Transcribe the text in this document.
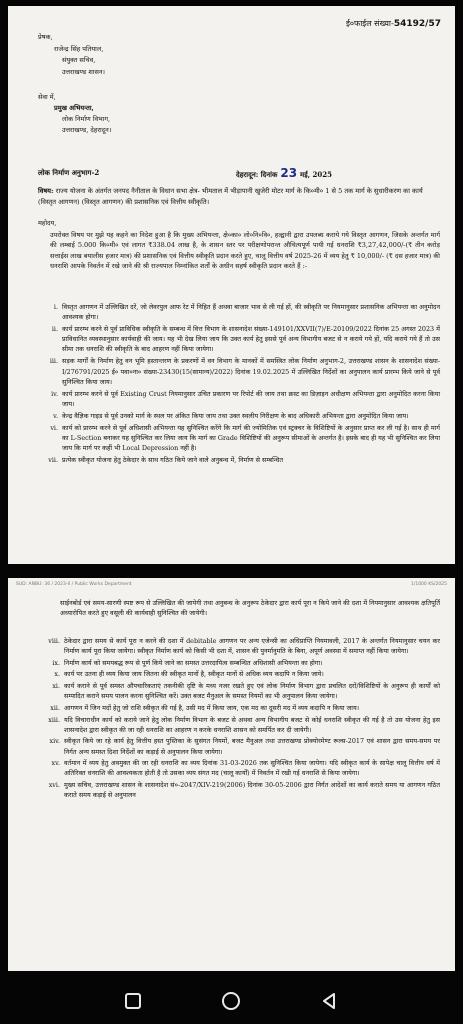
ई०फाईल संख्या-54192/57
प्रेषक,
राजेन्द्र सिंह पतियाल,
संयुक्त सचिव,
उत्तराखण्ड शासन।
सेवा में,
प्रमुख अभियन्ता,
लोक निर्माण विभाग,
उत्तराखण्ड, देहरादून।
लोक निर्माण अनुभाग-2	देहरादून: दिनांक 23 मई, 2025
विषय: राज्य योजना के अंतर्गत जनपद नैनीताल के विधान सभा क्षेत्र- भीमताल में भीड़ापानी खुजेरी मोटर मार्ग के कि०मी० 1 से 5 तक मार्ग के सुधारीकरण का कार्य (विस्तृत आगणन) (विस्तृत आगणन) की प्रशासनिक एवं वित्तीय स्वीकृति।
महोदय,
उपरोक्त विषय पर मुझे यह कहने का निदेश हुआ है कि मुख्य अभियन्ता, क्षे०का० लो०नि०वि०, हल्द्वानी द्वारा उपलब्ध कराये गये विस्तृत आगणन, जिसके अन्तर्गत मार्ग की लम्बाई 5.000 कि०मी० एवं लागत ₹338.04 लाख है, के शासन स्तर पर परीक्षणोपरान्त औचित्यपूर्ण पायी गई धनराशि ₹3,27,42,000/-(₹ तीन करोड़ सत्ताईस लाख बयालीस हजार मात्र) की प्रशासनिक एवं वित्तीय स्वीकृति प्रदान करते हुए, चालू वित्तीय वर्ष 2025-26 में व्यय हेतु ₹ 10,000/- (₹ दस हजार मात्र) की धनराशि आपके निवर्तन में रखे जाने की श्री राज्यपाल निम्नांकित शर्तों के अधीन सहर्ष स्वीकृति प्रदान करते हैं :-
i. विस्तृत आगणन में उल्लिखित दरें, जो लेवरपुल आफ रेट में निहित हैं अथवा बाजार भाव से ली गई हों, की स्वीकृति पर नियमानुसार प्रशासनिक अभियन्ता का अनुमोदन आवश्यक होगा।
ii. कार्य प्रारम्भ करने से पूर्व प्राविधिक स्वीकृति के सम्बन्ध में वित्त विभाग के शासनादेश संख्या-149101/XXVII(7)/E-20109/2022 दिनांक 25 अगस्त 2023 में प्राविधानित व्यवस्थानुसार कार्यवाही की जाय। यह भी देख लिया जाय कि उक्त कार्य हेतु इससे पूर्व अन्य विभागीय बजट से न कराये गये हों, यदि कराये गये हैं तो उस सीमा तक धनराशि की स्वीकृति के बाद आहरण नहीं किया जायेगा।
iii. सड़क मार्गों के निर्माण हेतु वन भूमि हस्तान्तरण के प्रकरणों में वन विभाग के मानकों में समस्त्रित लोक निर्माण अनुभाग-2, उत्तराखण्ड शासन के शासनादेश संख्या-I/276791/2025 ई० पवा०ना० संख्या-23430(15(सामान्य)/2022) दिनांक 19.02.2025 में उल्लिखित निर्देशों का अनुपालन कार्य प्रारम्भ किये जाने से पूर्व सुनिश्चित किया जाय।
iv. कार्य प्रारम्भ करने से पूर्व Existing Crust नियमानुसार उचित प्रकारण पर रिपोर्ट की जाय तथा क्रस्ट का डिज़ाइन अधीक्षण अभियन्ता द्वारा अनुमोदित करना किया जाय।
v. केन्द्र वैज्ञिक गाइड से पूर्व उनको मार्ग के स्थल पर अंकित किया जाय तथा उक्त स्थलीय निरीक्षण के बाद अधिकारी अभियन्ता द्वारा अनुमोदित किया जाय।
vi. कार्य को प्रारम्भ करने से पूर्व अधिशासी अभियन्ता यह सुनिश्चित करेंगे कि मार्ग की ज्योमितिक एवं स्ट्रक्चर के विशिष्टियों के अनुसार प्राप्त कर ली गई है। साथ ही मार्ग का L-Section बनाकर यह सुनिश्चित कर लिया जाय कि मार्ग का Grade विशिष्टियों की अनुरूप सीमाओं के अन्तर्गत है। इसके बाद ही यह भी सुनिश्चित कर लिया जाय कि मार्ग पर कहीं भी Local Depression नहीं है।
vii. प्रत्येक स्वीकृत योजना हेतु ठेकेदार के साथ गठित किये जाने वाले अनुबन्ध में, निर्माण से सम्बन्धित
SUD: ANBU: 36 / 2023-II / Public Works Department	1/1000 KS/2025
साईनबोर्ड एवं समय-सारणी स्पष्ट रूप से उल्लिखित की जायेगी तथा अनुबन्ध के अनुरूप ठेकेदार द्वारा कार्य पूरा न किये जाने की दशा में नियमानुसार आवश्यक क्षतिपूर्ति अध्यारोपित करते हुए वसूली की कार्यवाही सुनिश्चित की जायेगी।
viii. ठेकेदार द्वारा समय से कार्य पूरा न करने की दशा में debitable आगणन पर अन्य एजेन्सी का अधिप्राप्ति नियमावली, 2017 के अन्तर्गत नियमानुसार चयन कर निर्माण कार्य पूरा किया जायेगा। स्वीकृत निर्माण कार्य को किसी भी दशा में, शासन की पुनर्मानुमति के बिना, अपूर्ण अवस्था में समाप्त नहीं किया जायेगा।
ix. निर्माण कार्य को समयबद्ध रूप से पूर्ण किये जाने का समस्त उत्तरदायित्व सम्बन्धित अधिशासी अभियन्ता का होगा।
x. कार्य पर उतना ही व्यय किया जाय जितना की स्वीकृत मानों है, स्वीकृत मानों से अधिक व्यय कदापि न किया जाये।
xi. कार्य कराने से पूर्व समस्त औपचारिकताएं तकनीकी दृष्टि के मध्य नजर रखते हुए एवं लोक निर्माण विभाग द्वारा प्रचलित दरों/विशिष्टियों के अनुरूप ही कार्यों को सम्पादित कराने समय पालन करना सुनिश्चित करें। उक्त बजट मैनुअल के समस्त नियमों का भी अनुपालन किया जायेगा।
xii. आगणन में जिन मदों हेतु जो राशि स्वीकृत की गई है, उसी मद में किया जाय, एक मद का दूसरी मद में व्यय कदापि न किया जाय।
xiii. यदि विचाराधीन कार्य को कराये जाने हेतु लोक निर्माण विभाग के बजट से अथवा अन्य विभागीय बजट से कोई धनराशि स्वीकृत की गई है तो उस योजना हेतु इस शासनादेश द्वारा स्वीकृत की जा रही धनराशि का आहरण न करके धनराशि शासन को समर्पित कर दी जायेगी।
xiv. स्वीकृत किये जा रहे कार्य हेतु वित्तीय हस्त पुस्तिका के सुसंगत नियमों, बजट मैनुअल तथा उत्तराखण्ड प्रोक्योरमेण्ट रूल्स-2017 एवं शासन द्वारा समय-समय पर निर्गत अन्य समस्त दिशा निर्देशों का कड़ाई से अनुपालन किया जायेगा।
xv. वर्तमान में व्यय हेतु अवमुक्त की जा रही धनराशि का व्यय दिनांक 31-03-2026 तक सुनिश्चित किया जायेगा। यदि स्वीकृत कार्य के सापेक्ष चालू वित्तीय वर्ष में अतिरिक्त धनराशि की आवश्यकता होती है तो उसका व्यय संगत मद (चालू कार्यों) में निवर्तन में रखी गई धनराशि से किया जायेगा।
xvi. मुख्य सचिव, उत्तराखण्ड शासन के शासनादेश सं०-2047/XIV-219(2006) दिनांक 30-05-2006 द्वारा निर्गत आदेशों का कार्य कराते समय या आगणन गठित कराते समय कड़ाई से अनुपालन
